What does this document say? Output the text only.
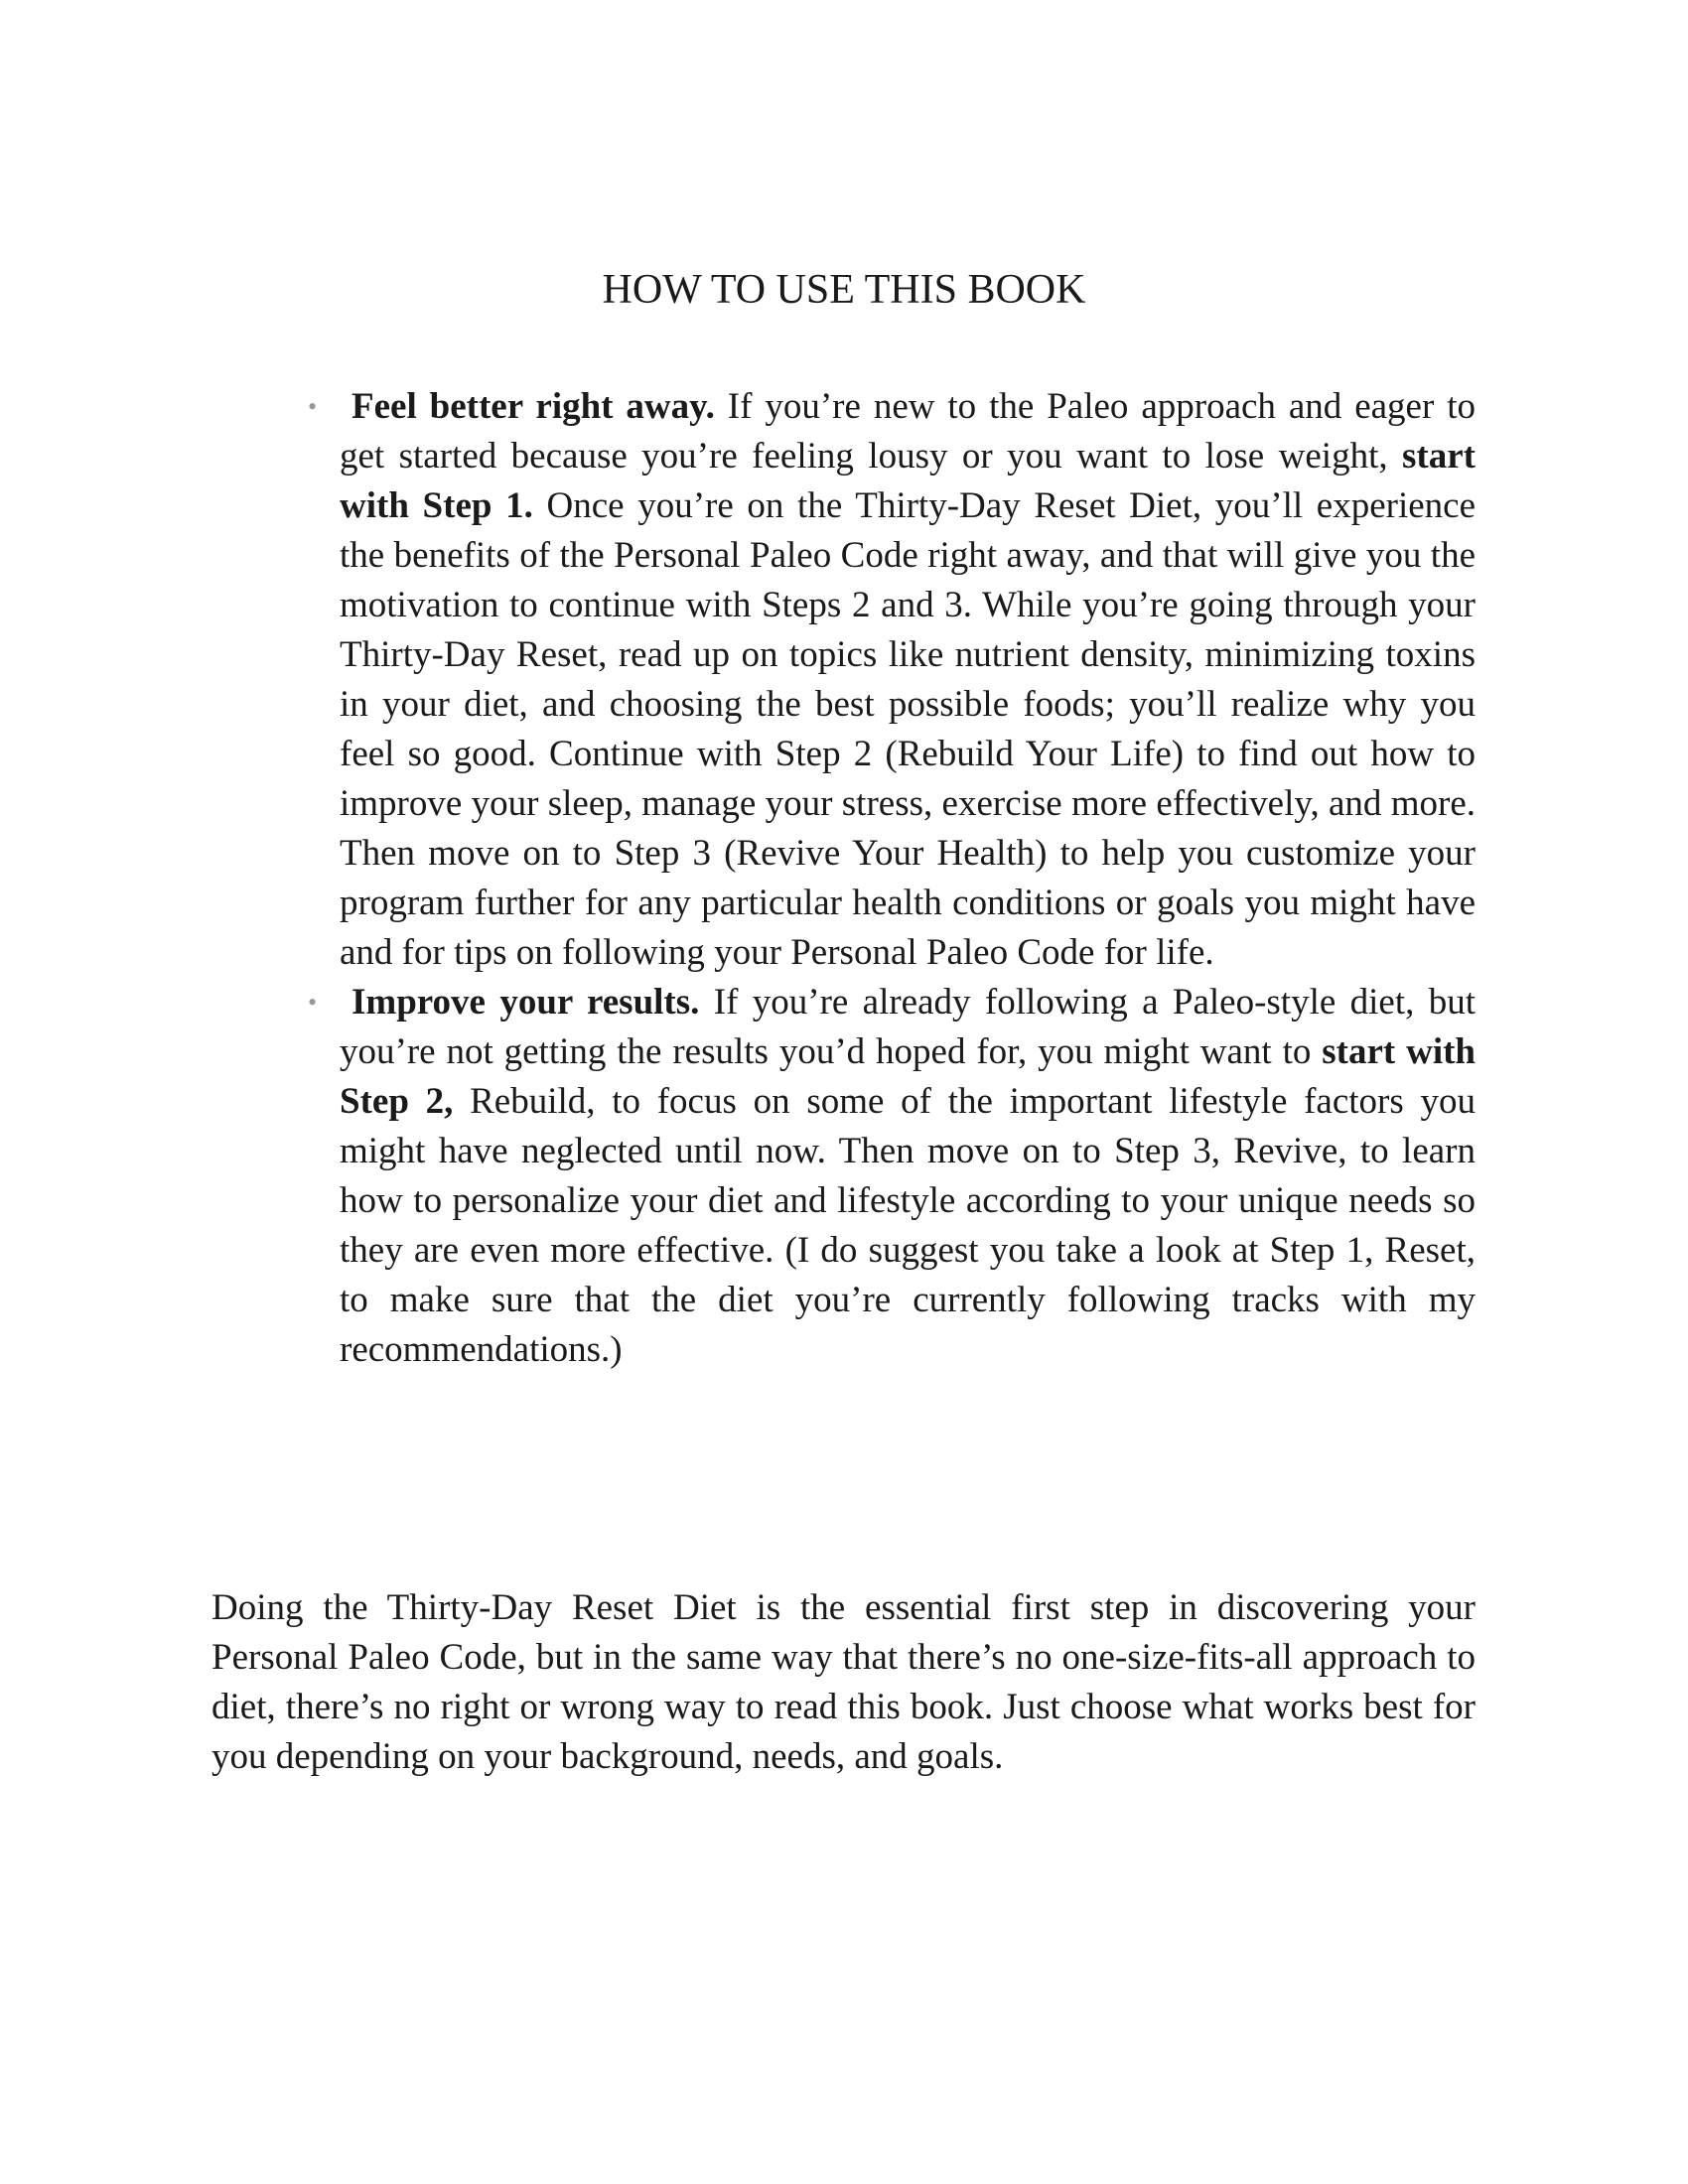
HOW TO USE THIS BOOK
• Feel better right away. If you’re new to the Paleo approach and eager to get started because you’re feeling lousy or you want to lose weight, start with Step 1. Once you’re on the Thirty-Day Reset Diet, you’ll experience the benefits of the Personal Paleo Code right away, and that will give you the motivation to continue with Steps 2 and 3. While you’re going through your Thirty-Day Reset, read up on topics like nutrient density, minimizing toxins in your diet, and choosing the best possible foods; you’ll realize why you feel so good. Continue with Step 2 (Rebuild Your Life) to find out how to improve your sleep, manage your stress, exercise more effectively, and more. Then move on to Step 3 (Revive Your Health) to help you customize your program further for any particular health conditions or goals you might have and for tips on following your Personal Paleo Code for life.
• Improve your results. If you’re already following a Paleo-style diet, but you’re not getting the results you’d hoped for, you might want to start with Step 2, Rebuild, to focus on some of the important lifestyle factors you might have neglected until now. Then move on to Step 3, Revive, to learn how to personalize your diet and lifestyle according to your unique needs so they are even more effective. (I do suggest you take a look at Step 1, Reset, to make sure that the diet you’re currently following tracks with my recommendations.)

Doing the Thirty-Day Reset Diet is the essential first step in discovering your Personal Paleo Code, but in the same way that there’s no one-size-fits-all approach to diet, there’s no right or wrong way to read this book. Just choose what works best for you depending on your background, needs, and goals.
